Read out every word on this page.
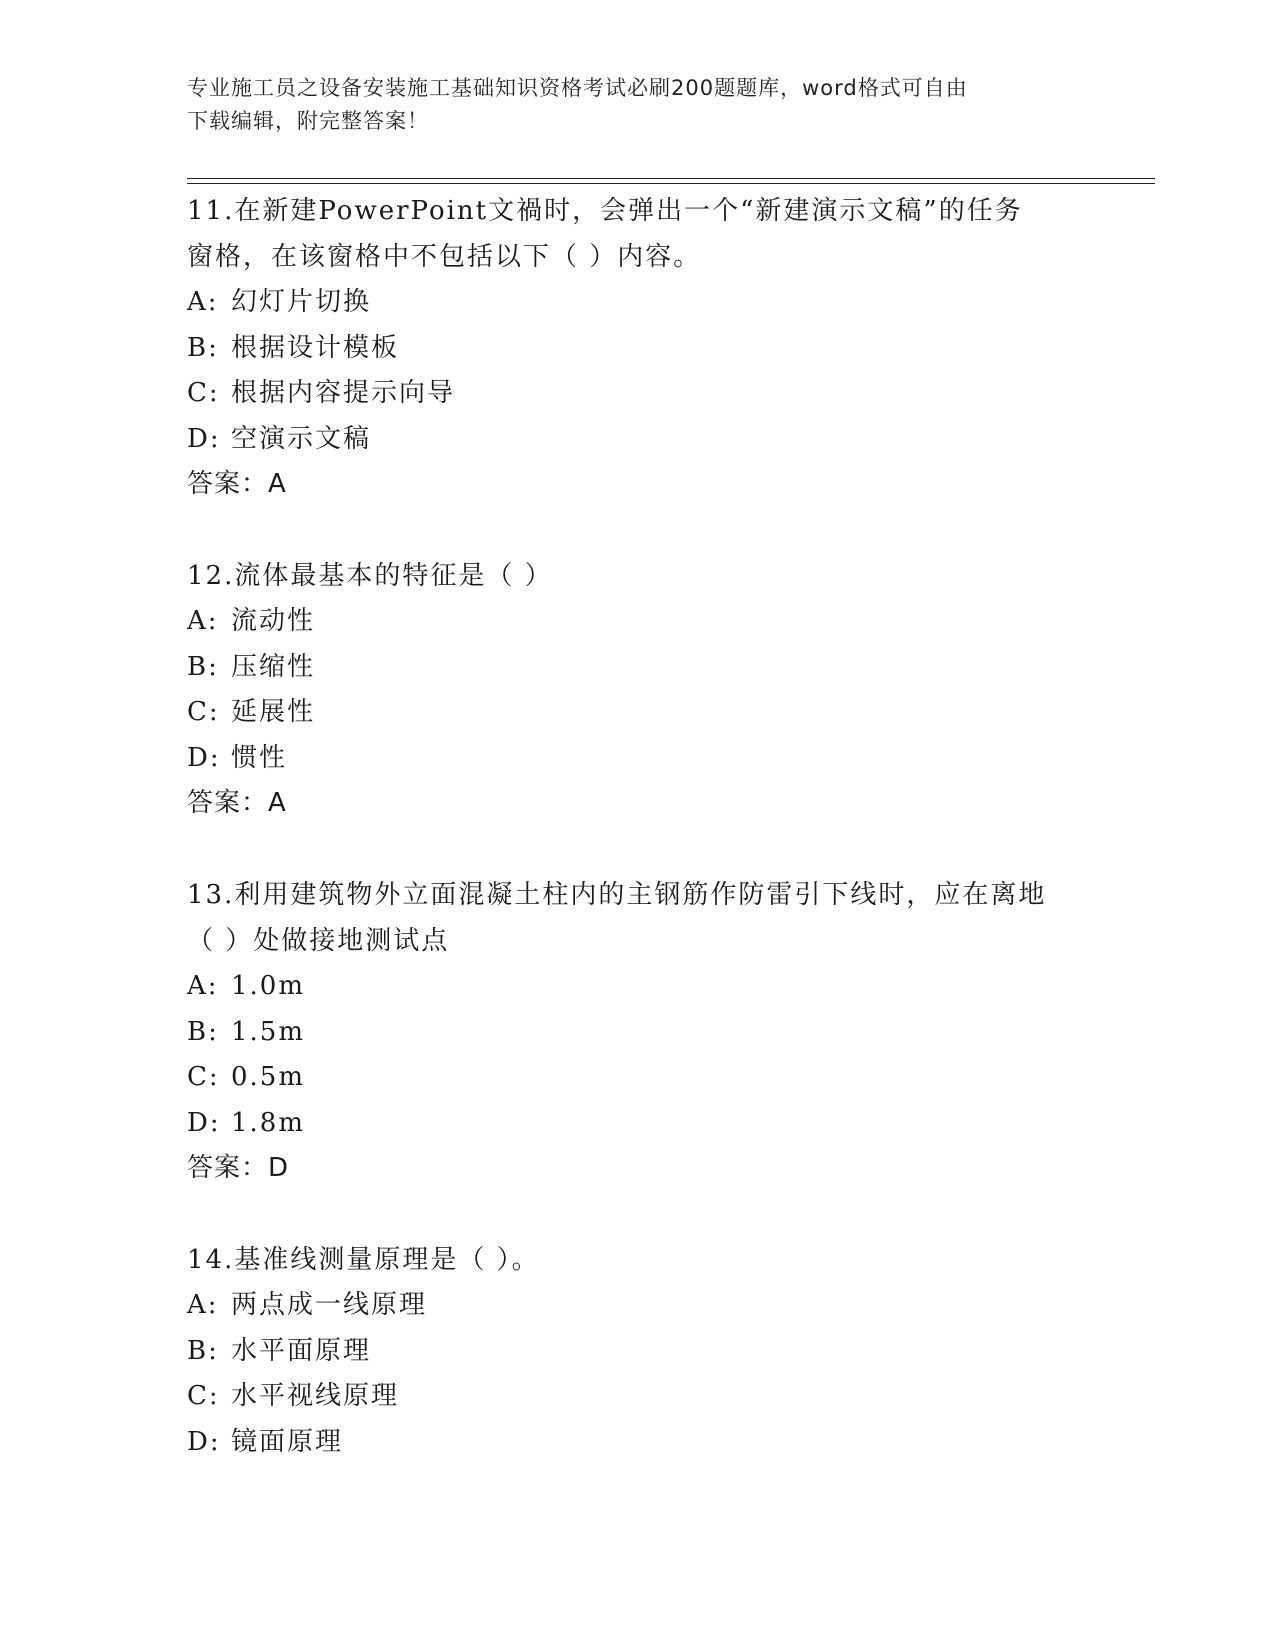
专业施工员之设备安装施工基础知识资格考试必刷200题题库，word格式可自由
下载编辑，附完整答案！

11.在新建PowerPoint文禍时，会弹出一个“新建演示文稿”的任务

窗格，在该窗格中不包括以下（ ）内容。

A: 幻灯片切换

B: 根据设计模板

C: 根据内容提示向导

D: 空演示文稿

答案：A

12.流体最基本的特征是（ ）

A: 流动性

B: 压缩性

C: 延展性

D: 惯性

答案：A

13.利用建筑物外立面混凝土柱内的主钢筋作防雷引下线时，应在离地

（ ）处做接地测试点

A: 1.0m

B: 1.5m

C: 0.5m

D: 1.8m

答案：D

14.基准线测量原理是（ ）。

A: 两点成一线原理

B: 水平面原理

C: 水平视线原理

D: 镜面原理
